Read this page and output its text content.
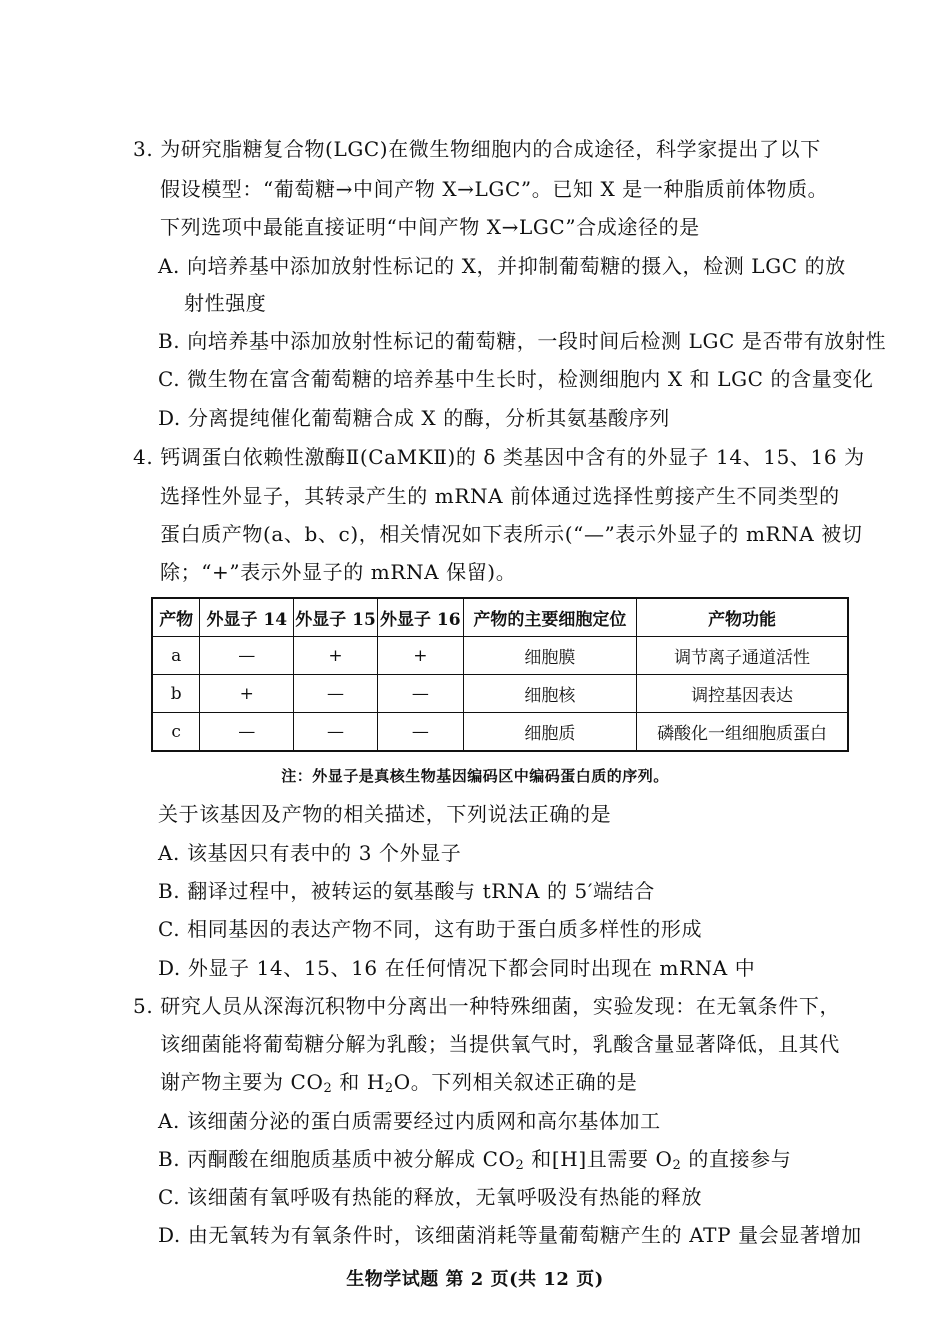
3. 为研究脂糖复合物(LGC)在微生物细胞内的合成途径，科学家提出了以下
假设模型：“葡萄糖→中间产物 X→LGC”。已知 X 是一种脂质前体物质。
下列选项中最能直接证明“中间产物 X→LGC”合成途径的是
A. 向培养基中添加放射性标记的 X，并抑制葡萄糖的摄入，检测 LGC 的放
射性强度
B. 向培养基中添加放射性标记的葡萄糖，一段时间后检测 LGC 是否带有放射性
C. 微生物在富含葡萄糖的培养基中生长时，检测细胞内 X 和 LGC 的含量变化
D. 分离提纯催化葡萄糖合成 X 的酶，分析其氨基酸序列
4. 钙调蛋白依赖性激酶Ⅱ(CaMKⅡ)的 δ 类基因中含有的外显子 14、15、16 为
选择性外显子，其转录产生的 mRNA 前体通过选择性剪接产生不同类型的
蛋白质产物(a、b、c)，相关情况如下表所示(“—”表示外显子的 mRNA 被切
除；“+”表示外显子的 mRNA 保留)。
产物	外显子 14	外显子 15	外显子 16	产物的主要细胞定位	产物功能
a	—	+	+	细胞膜	调节离子通道活性
b	+	—	—	细胞核	调控基因表达
c	—	—	—	细胞质	磷酸化一组细胞质蛋白
注：外显子是真核生物基因编码区中编码蛋白质的序列。
关于该基因及产物的相关描述，下列说法正确的是
A. 该基因只有表中的 3 个外显子
B. 翻译过程中，被转运的氨基酸与 tRNA 的 5′端结合
C. 相同基因的表达产物不同，这有助于蛋白质多样性的形成
D. 外显子 14、15、16 在任何情况下都会同时出现在 mRNA 中
5. 研究人员从深海沉积物中分离出一种特殊细菌，实验发现：在无氧条件下，
该细菌能将葡萄糖分解为乳酸；当提供氧气时，乳酸含量显著降低，且其代
谢产物主要为 $CO_2$ 和 $H_2O$。下列相关叙述正确的是
A. 该细菌分泌的蛋白质需要经过内质网和高尔基体加工
B. 丙酮酸在细胞质基质中被分解成 $CO_2$ 和[H]且需要 $O_2$ 的直接参与
C. 该细菌有氧呼吸有热能的释放，无氧呼吸没有热能的释放
D. 由无氧转为有氧条件时，该细菌消耗等量葡萄糖产生的 ATP 量会显著增加
生物学试题 第 2 页(共 12 页)
